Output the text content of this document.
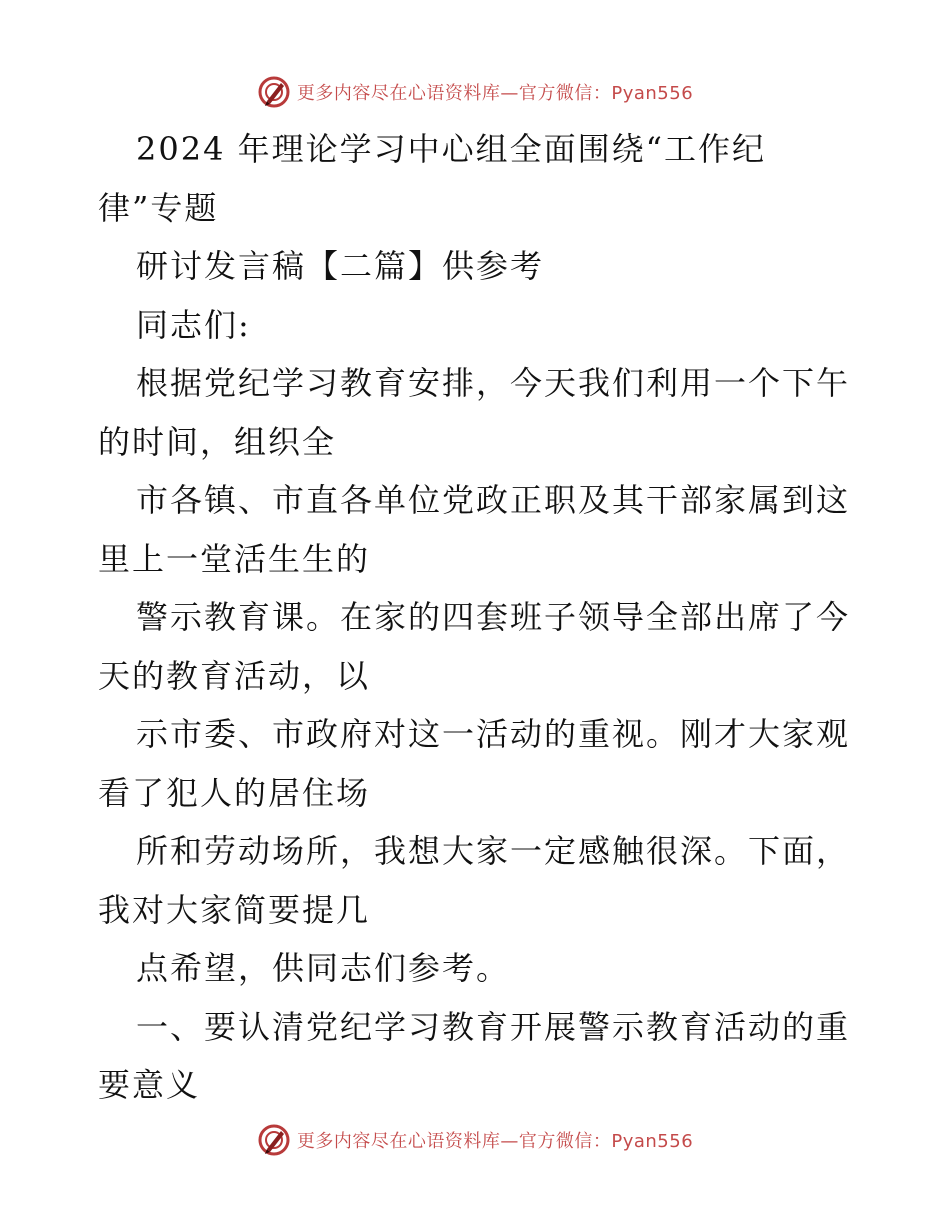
更多内容尽在心语资料库—官方微信：Pyan556
2024 年理论学习中心组全面围绕“工作纪
律”专题
研讨发言稿【二篇】供参考
同志们:
根据党纪学习教育安排，今天我们利用一个下午
的时间，组织全
市各镇、市直各单位党政正职及其干部家属到这
里上一堂活生生的
警示教育课。在家的四套班子领导全部出席了今
天的教育活动，以
示市委、市政府对这一活动的重视。刚才大家观
看了犯人的居住场
所和劳动场所，我想大家一定感触很深。下面，
我对大家简要提几
点希望，供同志们参考。
一、要认清党纪学习教育开展警示教育活动的重
要意义
更多内容尽在心语资料库—官方微信：Pyan556
